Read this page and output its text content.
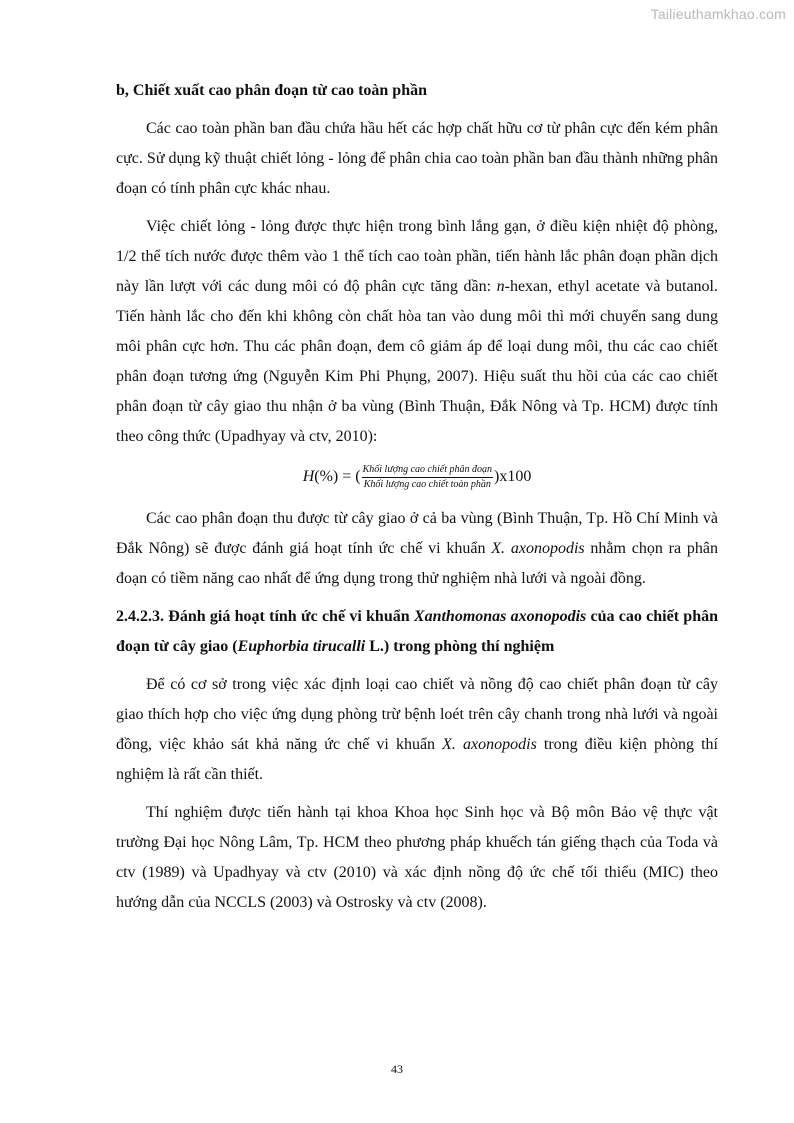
Tailieuthamkhao.com

b, Chiết xuất cao phân đoạn từ cao toàn phần

Các cao toàn phần ban đầu chứa hầu hết các hợp chất hữu cơ từ phân cực đến kém phân cực. Sử dụng kỹ thuật chiết lỏng - lỏng để phân chia cao toàn phần ban đầu thành những phân đoạn có tính phân cực khác nhau.

Việc chiết lỏng - lỏng được thực hiện trong bình lắng gạn, ở điều kiện nhiệt độ phòng, 1/2 thể tích nước được thêm vào 1 thể tích cao toàn phần, tiến hành lắc phân đoạn phần dịch này lần lượt với các dung môi có độ phân cực tăng dần: n-hexan, ethyl acetate và butanol. Tiến hành lắc cho đến khi không còn chất hòa tan vào dung môi thì mới chuyển sang dung môi phân cực hơn. Thu các phân đoạn, đem cô giảm áp để loại dung môi, thu các cao chiết phân đoạn tương ứng (Nguyễn Kim Phi Phụng, 2007). Hiệu suất thu hồi của các cao chiết phân đoạn từ cây giao thu nhận ở ba vùng (Bình Thuận, Đắk Nông và Tp. HCM) được tính theo công thức (Upadhyay và ctv, 2010):

H (%) = ( $\frac{\text{Khối lượng cao chiết phân đoạn}}{\text{Khối lượng cao chiết toàn phần}} )x100$

Các cao phân đoạn thu được từ cây giao ở cả ba vùng (Bình Thuận, Tp. Hồ Chí Minh và Đắk Nông) sẽ được đánh giá hoạt tính ức chế vi khuẩn X. axonopodis nhằm chọn ra phân đoạn có tiềm năng cao nhất để ứng dụng trong thử nghiệm nhà lưới và ngoài đồng.

2.4.2.3. Đánh giá hoạt tính ức chế vi khuẩn Xanthomonas axonopodis của cao chiết phân đoạn từ cây giao (Euphorbia tirucalli L.) trong phòng thí nghiệm

Để có cơ sở trong việc xác định loại cao chiết và nồng độ cao chiết phân đoạn từ cây giao thích hợp cho việc ứng dụng phòng trừ bệnh loét trên cây chanh trong nhà lưới và ngoài đồng, việc khảo sát khả năng ức chế vi khuẩn X. axonopodis trong điều kiện phòng thí nghiệm là rất cần thiết.

Thí nghiệm được tiến hành tại khoa Khoa học Sinh học và Bộ môn Bảo vệ thực vật trường Đại học Nông Lâm, Tp. HCM theo phương pháp khuếch tán giếng thạch của Toda và ctv (1989) và Upadhyay và ctv (2010) và xác định nồng độ ức chế tối thiểu (MIC) theo hướng dẫn của NCCLS (2003) và Ostrosky và ctv (2008).

43
